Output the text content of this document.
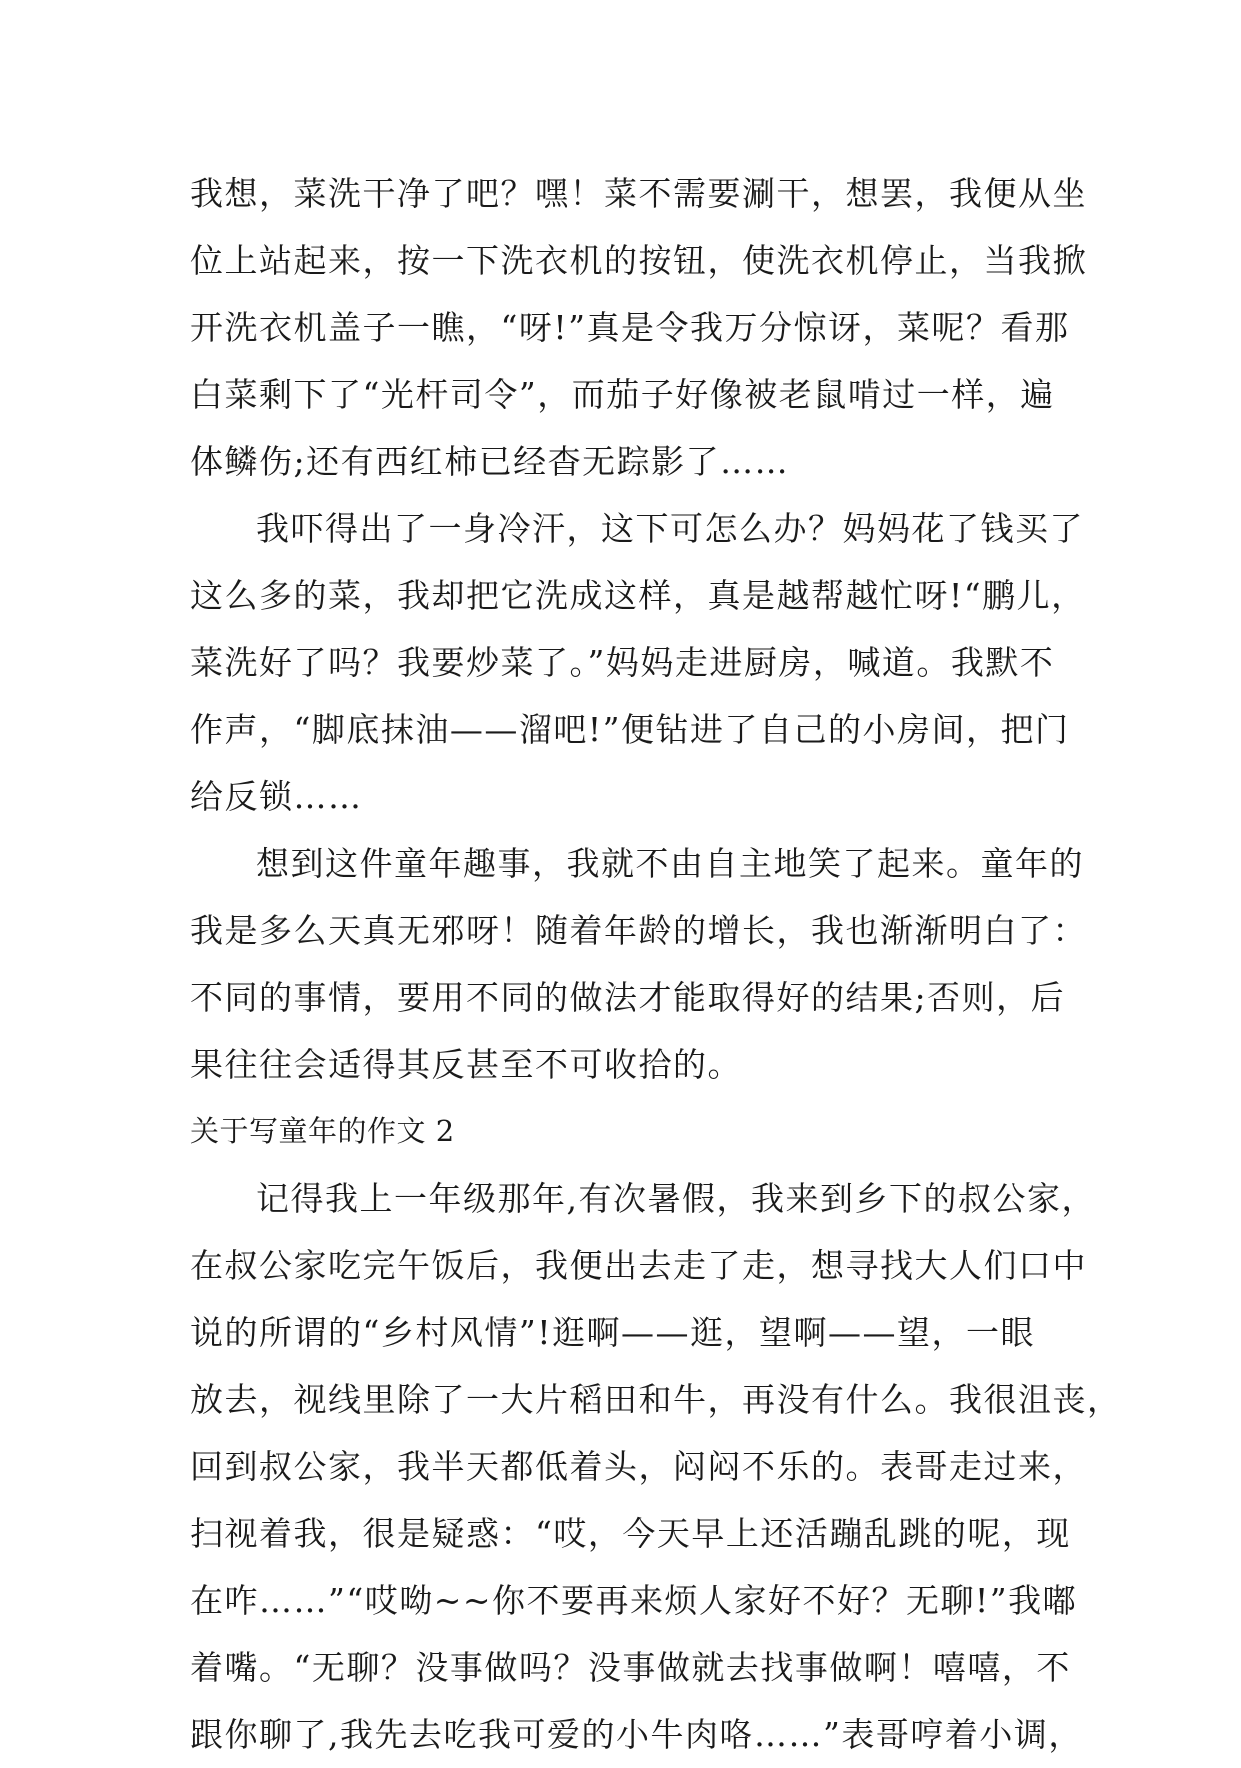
我想，菜洗干净了吧？嘿！菜不需要涮干，想罢，我便从坐
位上站起来，按一下洗衣机的按钮，使洗衣机停止，当我掀
开洗衣机盖子一瞧，“呀!”真是令我万分惊讶，菜呢？看那
白菜剩下了“光杆司令”，而茄子好像被老鼠啃过一样，遍
体鳞伤;还有西红柿已经杳无踪影了……
我吓得出了一身冷汗，这下可怎么办？妈妈花了钱买了
这么多的菜，我却把它洗成这样，真是越帮越忙呀!“鹏儿，
菜洗好了吗？我要炒菜了。”妈妈走进厨房，喊道。我默不
作声，“脚底抹油——溜吧!”便钻进了自己的小房间，把门
给反锁……
想到这件童年趣事，我就不由自主地笑了起来。童年的
我是多么天真无邪呀！随着年龄的增长，我也渐渐明白了：
不同的事情，要用不同的做法才能取得好的结果;否则，后
果往往会适得其反甚至不可收拾的。
关于写童年的作文 2
记得我上一年级那年,有次暑假，我来到乡下的叔公家，
在叔公家吃完午饭后，我便出去走了走，想寻找大人们口中
说的所谓的“乡村风情”!逛啊——逛，望啊——望，一眼
放去，视线里除了一大片稻田和牛，再没有什么。我很沮丧，
回到叔公家，我半天都低着头，闷闷不乐的。表哥走过来，
扫视着我，很是疑惑：“哎，今天早上还活蹦乱跳的呢，现
在咋……”“哎呦~~你不要再来烦人家好不好？无聊!”我嘟
着嘴。“无聊？没事做吗？没事做就去找事做啊！嘻嘻，不
跟你聊了,我先去吃我可爱的小牛肉咯……”表哥哼着小调，
